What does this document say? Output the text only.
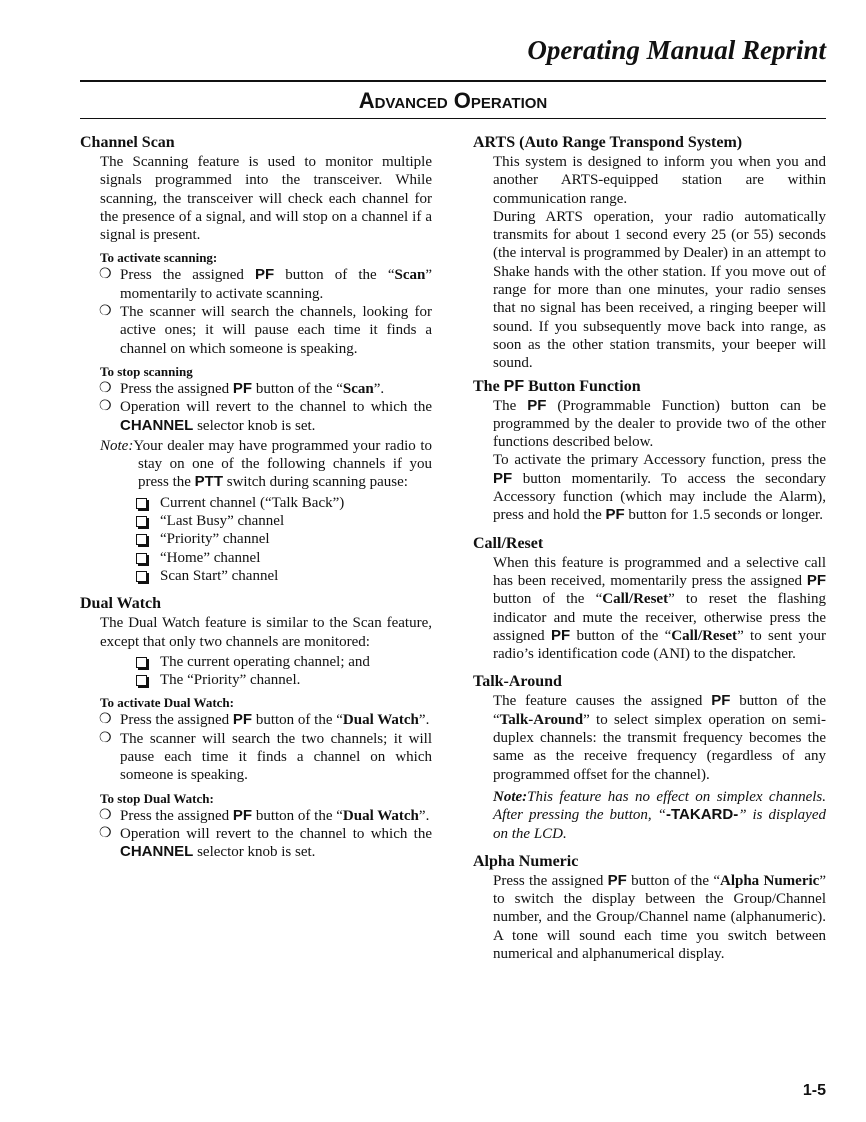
Operating Manual Reprint
Advanced Operation
Channel Scan

The Scanning feature is used to monitor multiple signals programmed into the transceiver. While scanning, the transceiver will check each channel for the presence of a signal, and will stop on a channel if a signal is present.

To activate scanning:
❍ Press the assigned PF button of the “Scan” momentarily to activate scanning.
❍ The scanner will search the channels, looking for active ones; it will pause each time it finds a channel on which someone is speaking.
To stop scanning
❍ Press the assigned PF button of the “Scan”.
❍ Operation will revert to the channel to which the CHANNEL selector knob is set.
Note:Your dealer may have programmed your radio to stay on one of the following channels if you press the PTT switch during scanning pause:
Current channel (“Talk Back”)
“Last Busy” channel
“Priority” channel
“Home” channel
Scan Start” channel
Dual Watch

The Dual Watch feature is similar to the Scan feature, except that only two channels are monitored:

The current operating channel; and
The “Priority” channel.
To activate Dual Watch:
❍ Press the assigned PF button of the “Dual Watch”.
❍ The scanner will search the two channels; it will pause each time it finds a channel on which someone is speaking.
To stop Dual Watch:
❍ Press the assigned PF button of the “Dual Watch”.
❍ Operation will revert to the channel to which the CHANNEL selector knob is set.
ARTS (Auto Range Transpond System)

This system is designed to inform you when you and another ARTS-equipped station are within communication range.

During ARTS operation, your radio automatically transmits for about 1 second every 25 (or 55) seconds (the interval is programmed by Dealer) in an attempt to Shake hands with the other station. If you move out of range for more than one minutes, your radio senses that no signal has been received, a ringing beeper will sound. If you subsequently move back into range, as soon as the other station transmits, your beeper will sound.

The PF Button Function

The PF (Programmable Function) button can be programmed by the dealer to provide two of the other functions described below.

To activate the primary Accessory function, press the PF button momentarily. To access the secondary Accessory function (which may include the Alarm), press and hold the PF button for 1.5 seconds or longer.

Call/Reset

When this feature is programmed and a selective call has been received, momentarily press the assigned PF button of the “Call/Reset” to reset the flashing indicator and mute the receiver, otherwise press the assigned PF button of the “Call/Reset” to sent your radio’s identification code (ANI) to the dispatcher.

Talk-Around

The feature causes the assigned PF button of the “Talk-Around” to select simplex operation on semi-duplex channels: the transmit frequency becomes the same as the receive frequency (regardless of any programmed offset for the channel).

Note:This feature has no effect on simplex channels. After pressing the button, “-TAKARD-” is displayed on the LCD.

Alpha Numeric

Press the assigned PF button of the “Alpha Numeric” to switch the display between the Group/Channel number, and the Group/Channel name (alphanumeric). A tone will sound each time you switch between numerical and alphanumerical display.

1-5
